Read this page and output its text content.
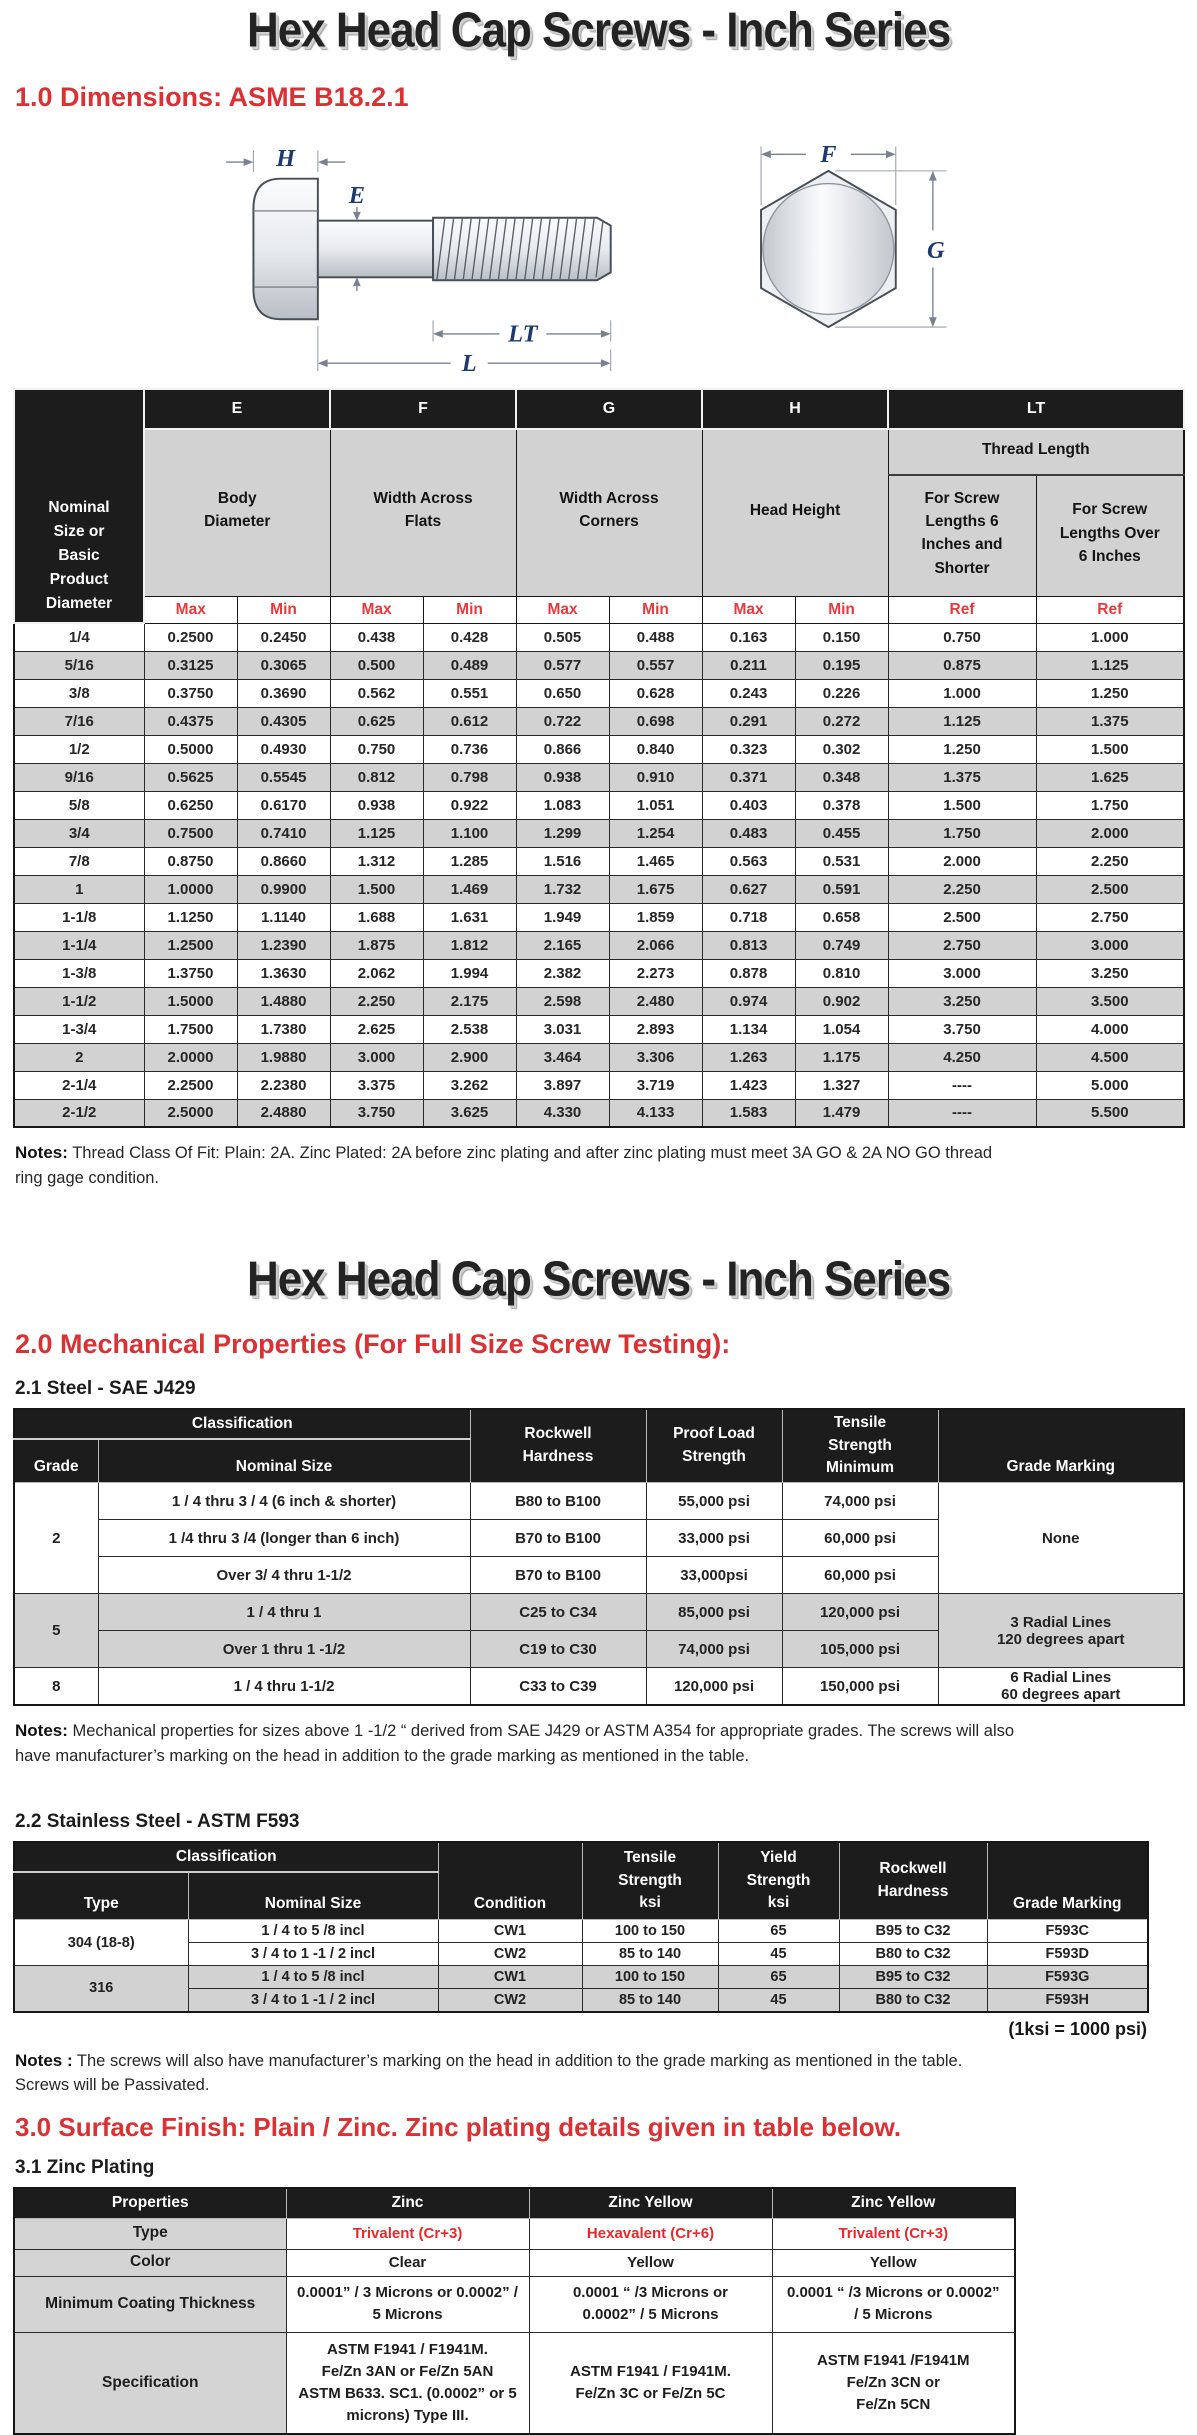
Hex Head Cap Screws - Inch Series
1.0 Dimensions: ASME B18.2.1
H
E
LT
L
F
G
Nominal Size or Basic Product Diameter	E		F		G		H		LT	
	Body Diameter		Width Across Flats		Width Across Corners		Head Height		Thread Length	
									For Screw Lengths 6 Inches and Shorter	For Screw Lengths Over 6 Inches
	Max	Min	Max	Min	Max	Min	Max	Min	Ref	Ref
1/4	0.2500	0.2450	0.438	0.428	0.505	0.488	0.163	0.150	0.750	1.000
5/16	0.3125	0.3065	0.500	0.489	0.577	0.557	0.211	0.195	0.875	1.125
3/8	0.3750	0.3690	0.562	0.551	0.650	0.628	0.243	0.226	1.000	1.250
7/16	0.4375	0.4305	0.625	0.612	0.722	0.698	0.291	0.272	1.125	1.375
1/2	0.5000	0.4930	0.750	0.736	0.866	0.840	0.323	0.302	1.250	1.500
9/16	0.5625	0.5545	0.812	0.798	0.938	0.910	0.371	0.348	1.375	1.625
5/8	0.6250	0.6170	0.938	0.922	1.083	1.051	0.403	0.378	1.500	1.750
3/4	0.7500	0.7410	1.125	1.100	1.299	1.254	0.483	0.455	1.750	2.000
7/8	0.8750	0.8660	1.312	1.285	1.516	1.465	0.563	0.531	2.000	2.250
1	1.0000	0.9900	1.500	1.469	1.732	1.675	0.627	0.591	2.250	2.500
1-1/8	1.1250	1.1140	1.688	1.631	1.949	1.859	0.718	0.658	2.500	2.750
1-1/4	1.2500	1.2390	1.875	1.812	2.165	2.066	0.813	0.749	2.750	3.000
1-3/8	1.3750	1.3630	2.062	1.994	2.382	2.273	0.878	0.810	3.000	3.250
1-1/2	1.5000	1.4880	2.250	2.175	2.598	2.480	0.974	0.902	3.250	3.500
1-3/4	1.7500	1.7380	2.625	2.538	3.031	2.893	1.134	1.054	3.750	4.000
2	2.0000	1.9880	3.000	2.900	3.464	3.306	1.263	1.175	4.250	4.500
2-1/4	2.2500	2.2380	3.375	3.262	3.897	3.719	1.423	1.327	----	5.000
2-1/2	2.5000	2.4880	3.750	3.625	4.330	4.133	1.583	1.479	----	5.500

Notes: Thread Class Of Fit: Plain: 2A. Zinc Plated: 2A before zinc plating and after zinc plating must meet 3A GO & 2A NO GO thread ring gage condition.

Hex Head Cap Screws - Inch Series
2.0 Mechanical Properties (For Full Size Screw Testing):
2.1 Steel - SAE J429
Classification		Rockwell Hardness	Proof Load Strength	Tensile Strength Minimum	Grade Marking
Grade	Nominal Size				
2	1 / 4 thru 3 / 4 (6 inch & shorter)	B80 to B100	55,000 psi	74,000 psi	None
	1 /4 thru 3 /4 (longer than 6 inch)	B70 to B100	33,000 psi	60,000 psi	
	Over 3/ 4 thru 1-1/2	B70 to B100	33,000psi	60,000 psi	
5	1 / 4 thru 1	C25 to C34	85,000 psi	120,000 psi	3 Radial Lines
120 degrees apart
	Over 1 thru 1 -1/2	C19 to C30	74,000 psi	105,000 psi	
8	1 / 4 thru 1-1/2	C33 to C39	120,000 psi	150,000 psi	6 Radial Lines
60 degrees apart

Notes: Mechanical properties for sizes above 1 -1/2 “ derived from SAE J429 or ASTM A354 for appropriate grades. The screws will also have manufacturer’s marking on the head in addition to the grade marking as mentioned in the table.

2.2 Stainless Steel - ASTM F593
Classification		Condition	Tensile Strength ksi	Yield Strength ksi	Rockwell Hardness	Grade Marking
Type	Nominal Size					
304 (18-8)	1 / 4 to 5 /8 incl	CW1	100 to 150	65	B95 to C32	F593C
	3 / 4 to 1 -1 / 2 incl	CW2	85 to 140	45	B80 to C32	F593D
316	1 / 4 to 5 /8 incl	CW1	100 to 150	65	B95 to C32	F593G
	3 / 4 to 1 -1 / 2 incl	CW2	85 to 140	45	B80 to C32	F593H
(1ksi = 1000 psi)

Notes : The screws will also have manufacturer’s marking on the head in addition to the grade marking as mentioned in the table.
Screws will be Passivated.

3.0 Surface Finish: Plain / Zinc. Zinc plating details given in table below.
3.1 Zinc Plating
Properties	Zinc	Zinc Yellow	Zinc Yellow
Type	Trivalent (Cr+3)	Hexavalent (Cr+6)	Trivalent (Cr+3)
Color	Clear	Yellow	Yellow
Minimum Coating Thickness	0.0001” / 3 Microns or 0.0002” /
5 Microns	0.0001 “ /3 Microns or
0.0002” / 5 Microns	0.0001 “ /3 Microns or 0.0002”
/ 5 Microns
Specification	ASTM F1941 / F1941M.
Fe/Zn 3AN or Fe/Zn 5AN
ASTM B633. SC1. (0.0002” or 5
microns) Type III.	ASTM F1941 / F1941M.
Fe/Zn 3C or Fe/Zn 5C	ASTM F1941 /F1941M
Fe/Zn 3CN or
Fe/Zn 5CN
